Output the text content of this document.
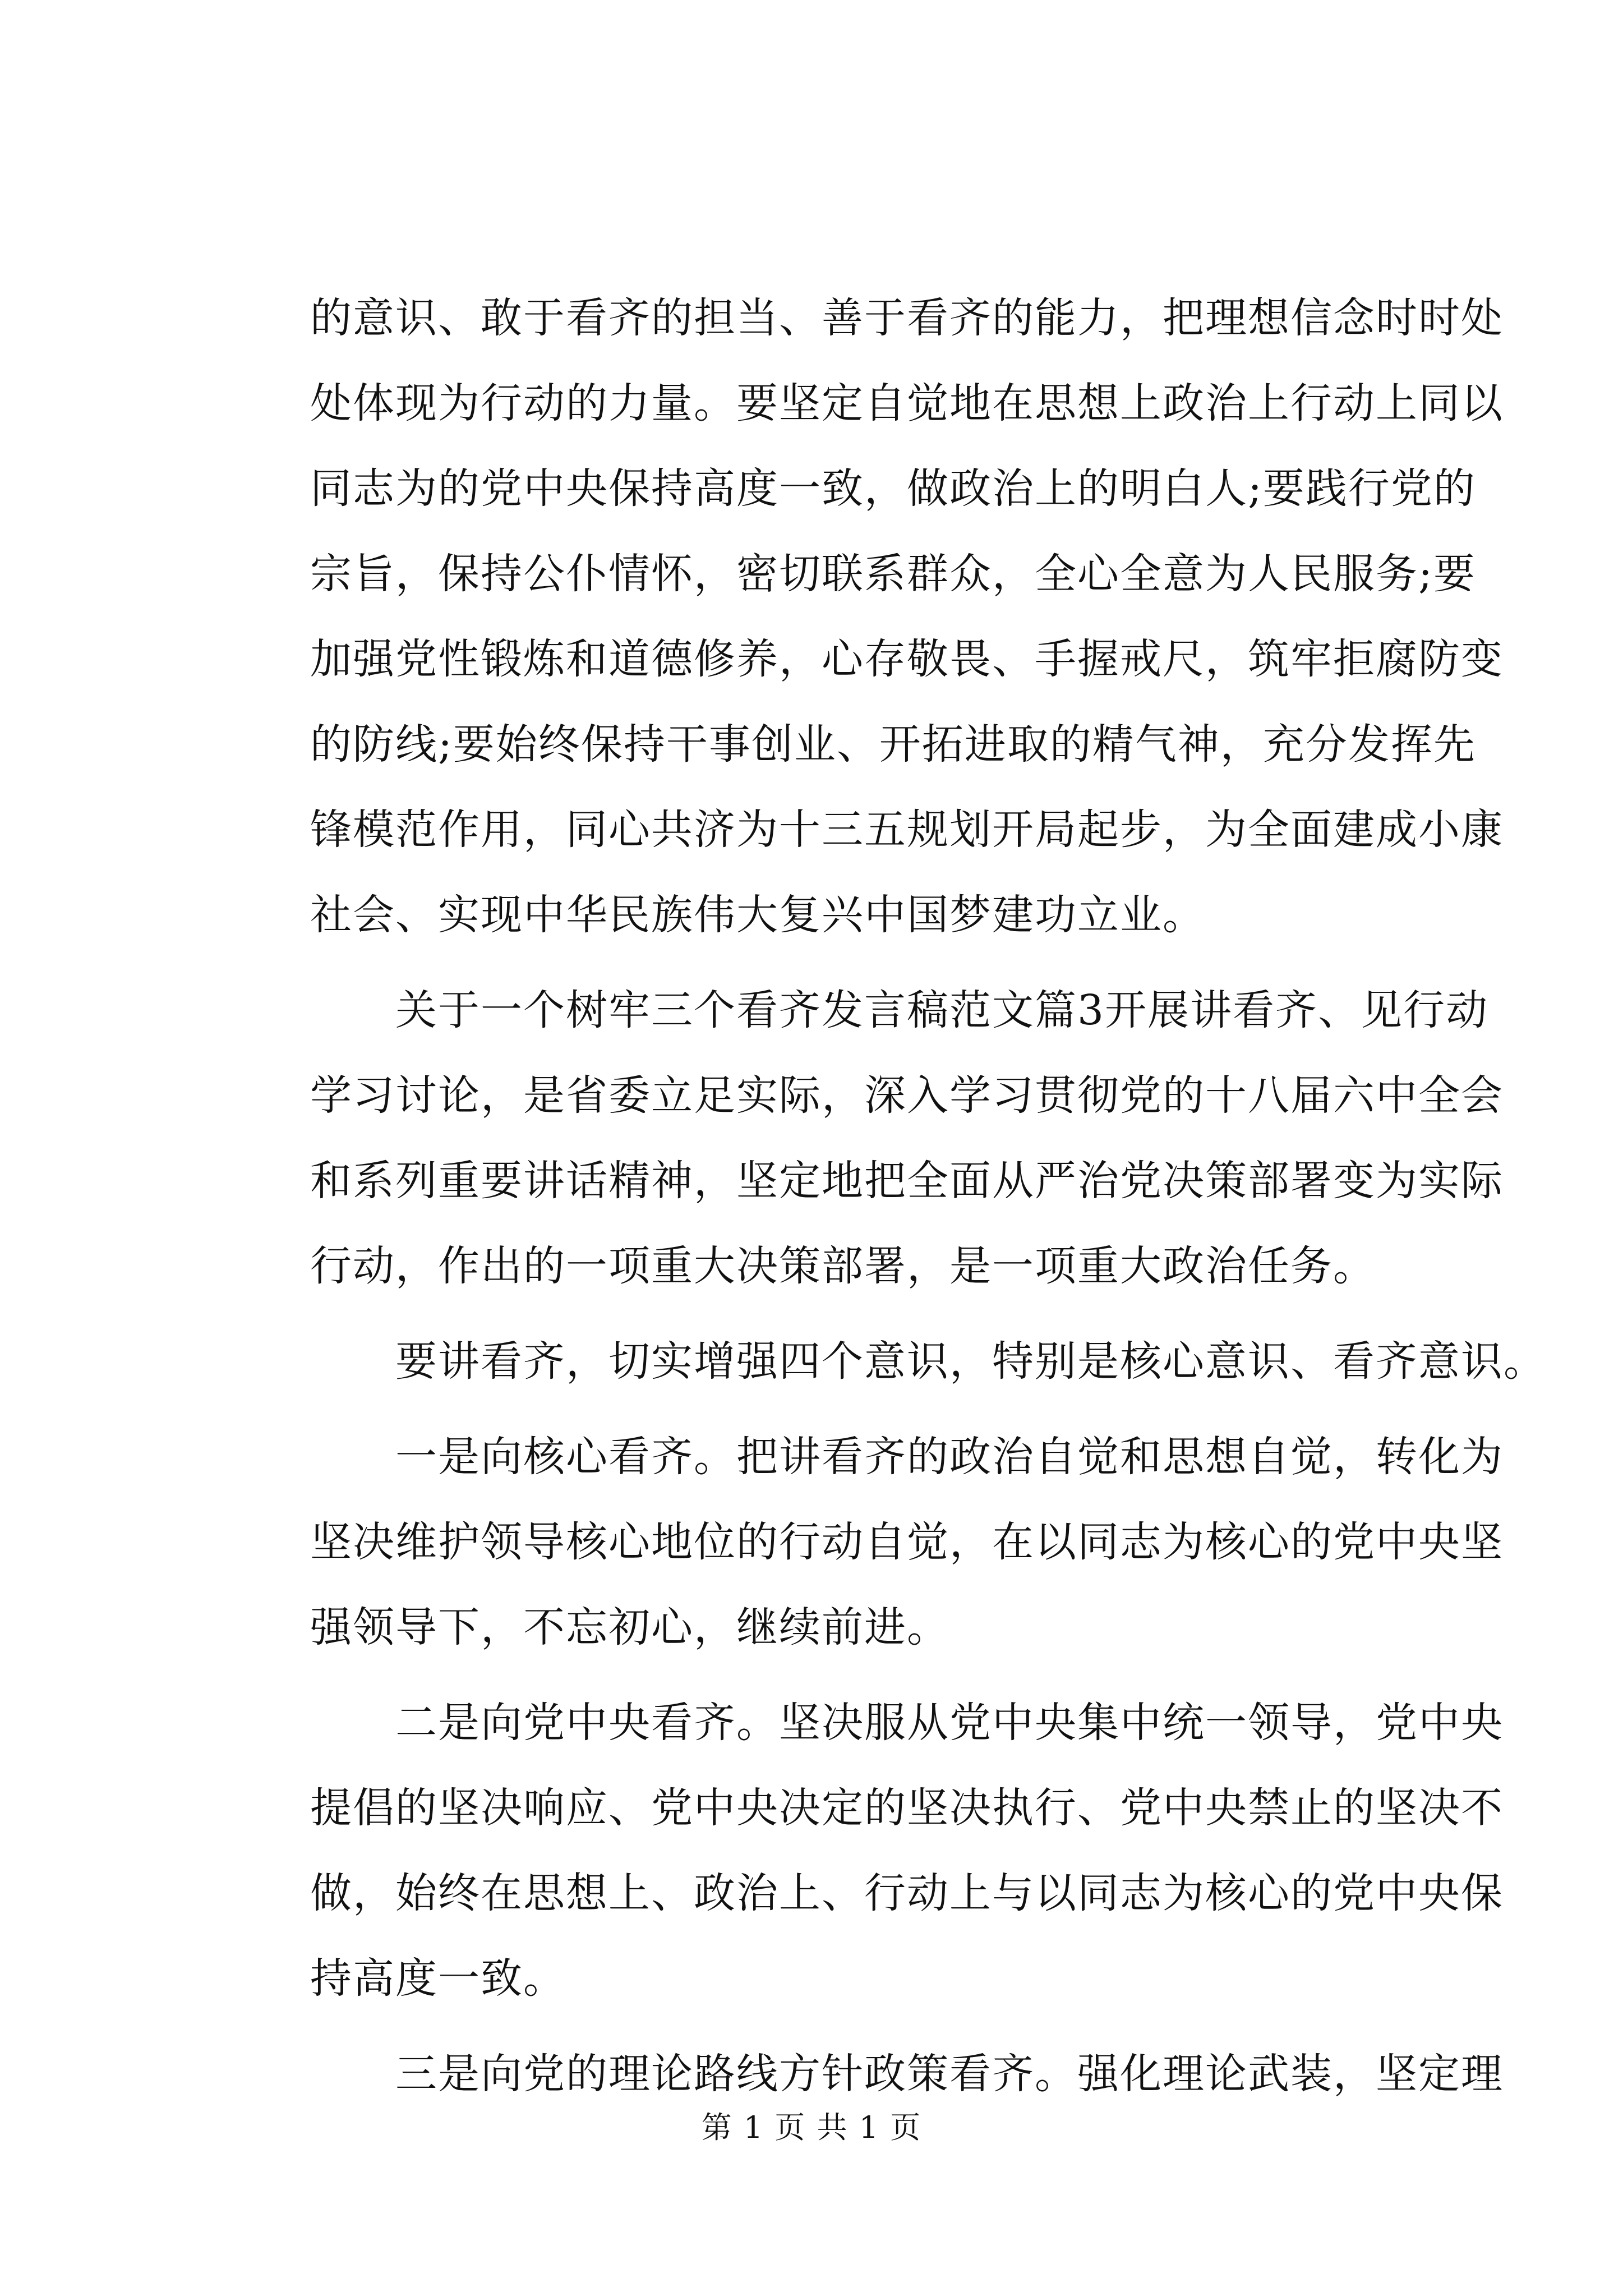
的意识、敢于看齐的担当、善于看齐的能力，把理想信念时时处
处体现为行动的力量。要坚定自觉地在思想上政治上行动上同以
同志为的党中央保持高度一致，做政治上的明白人;要践行党的
宗旨，保持公仆情怀，密切联系群众，全心全意为人民服务;要
加强党性锻炼和道德修养，心存敬畏、手握戒尺，筑牢拒腐防变
的防线;要始终保持干事创业、开拓进取的精气神，充分发挥先
锋模范作用，同心共济为十三五规划开局起步，为全面建成小康
社会、实现中华民族伟大复兴中国梦建功立业。
　　关于一个树牢三个看齐发言稿范文篇3开展讲看齐、见行动
学习讨论，是省委立足实际，深入学习贯彻党的十八届六中全会
和系列重要讲话精神，坚定地把全面从严治党决策部署变为实际
行动，作出的一项重大决策部署，是一项重大政治任务。
　　要讲看齐，切实增强四个意识，特别是核心意识、看齐意识。
　　一是向核心看齐。把讲看齐的政治自觉和思想自觉，转化为
坚决维护领导核心地位的行动自觉，在以同志为核心的党中央坚
强领导下，不忘初心，继续前进。
　　二是向党中央看齐。坚决服从党中央集中统一领导，党中央
提倡的坚决响应、党中央决定的坚决执行、党中央禁止的坚决不
做，始终在思想上、政治上、行动上与以同志为核心的党中央保
持高度一致。
　　三是向党的理论路线方针政策看齐。强化理论武装，坚定理
第 1 页 共 1 页
